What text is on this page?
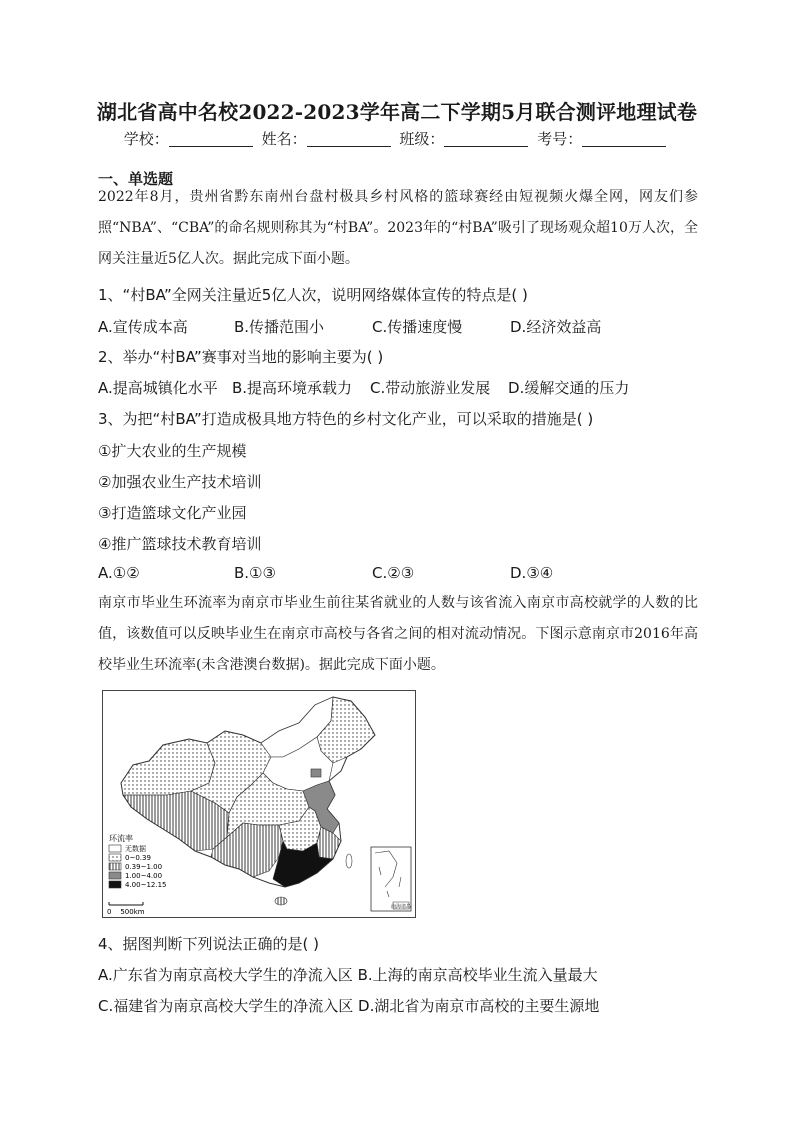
湖北省高中名校2022-2023学年高二下学期5月联合测评地理试卷
学校：	姓名：	班级：	考号：
一、单选题
2022年8月，贵州省黔东南州台盘村极具乡村风格的篮球赛经由短视频火爆全网，网友们参照“NBA”、“CBA”的命名规则称其为“村BA”。2023年的“村BA”吸引了现场观众超10万人次，全网关注量近5亿人次。据此完成下面小题。
1、“村BA”全网关注量近5亿人次，说明网络媒体宣传的特点是( )
A.宣传成本高	B.传播范围小	C.传播速度慢	D.经济效益高
2、举办“村BA”赛事对当地的影响主要为( )
A.提高城镇化水平 B.提高环境承载力 C.带动旅游业发展 D.缓解交通的压力
3、为把“村BA”打造成极具地方特色的乡村文化产业，可以采取的措施是( )
①扩大农业的生产规模
②加强农业生产技术培训
③打造篮球文化产业园
④推广篮球技术教育培训
A.①②	B.①③	C.②③	D.③④
南京市毕业生环流率为南京市毕业生前往某省就业的人数与该省流入南京市高校就学的人数的比值，该数值可以反映毕业生在南京市高校与各省之间的相对流动情况。下图示意南京市2016年高校毕业生环流率(未含港澳台数据)。据此完成下面小题。
南海诸岛
环流率
无数据
0~0.39
0.39~1.00
1.00~4.00
4.00~12.15
0    500km
4、据图判断下列说法正确的是( )
A.广东省为南京高校大学生的净流入区 B.上海的南京高校毕业生流入量最大
C.福建省为南京高校大学生的净流入区 D.湖北省为南京市高校的主要生源地
